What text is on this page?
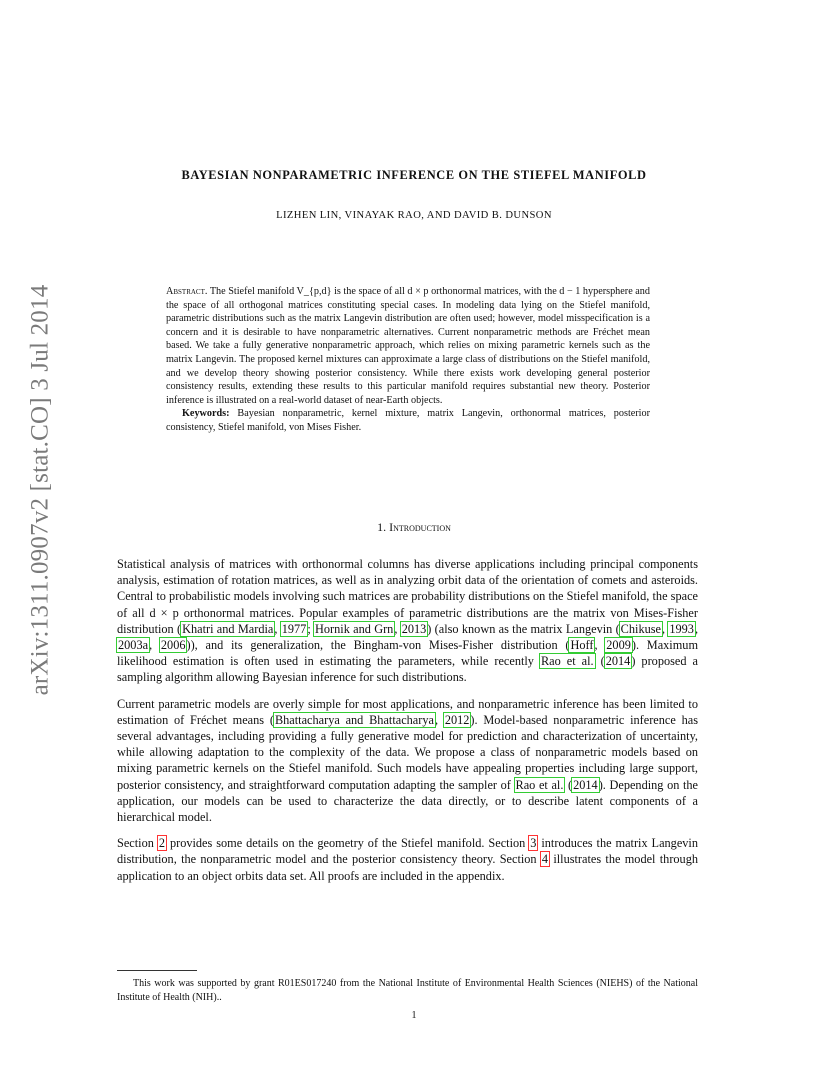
arXiv:1311.0907v2 [stat.CO] 3 Jul 2014
BAYESIAN NONPARAMETRIC INFERENCE ON THE STIEFEL MANIFOLD
LIZHEN LIN, VINAYAK RAO, AND DAVID B. DUNSON
Abstract. The Stiefel manifold V_{p,d} is the space of all d × p orthonormal matrices, with the d − 1 hypersphere and the space of all orthogonal matrices constituting special cases. In modeling data lying on the Stiefel manifold, parametric distributions such as the matrix Langevin distribution are often used; however, model misspecification is a concern and it is desirable to have nonparametric alternatives. Current nonparametric methods are Fréchet mean based. We take a fully generative nonparametric approach, which relies on mixing parametric kernels such as the matrix Langevin. The proposed kernel mixtures can approximate a large class of distributions on the Stiefel manifold, and we develop theory showing posterior consistency. While there exists work developing general posterior consistency results, extending these results to this particular manifold requires substantial new theory. Posterior inference is illustrated on a real-world dataset of near-Earth objects.
Keywords: Bayesian nonparametric, kernel mixture, matrix Langevin, orthonormal matrices, posterior consistency, Stiefel manifold, von Mises Fisher.
1. Introduction

Statistical analysis of matrices with orthonormal columns has diverse applications including principal components analysis, estimation of rotation matrices, as well as in analyzing orbit data of the orientation of comets and asteroids. Central to probabilistic models involving such matrices are probability distributions on the Stiefel manifold, the space of all d × p orthonormal matrices. Popular examples of parametric distributions are the matrix von Mises-Fisher distribution (Khatri and Mardia, 1977; Hornik and Grn, 2013) (also known as the matrix Langevin (Chikuse, 1993, 2003a, 2006)), and its generalization, the Bingham-von Mises-Fisher distribution (Hoff, 2009). Maximum likelihood estimation is often used in estimating the parameters, while recently Rao et al. (2014) proposed a sampling algorithm allowing Bayesian inference for such distributions.

Current parametric models are overly simple for most applications, and nonparametric inference has been limited to estimation of Fréchet means (Bhattacharya and Bhattacharya, 2012). Model-based nonparametric inference has several advantages, including providing a fully generative model for prediction and characterization of uncertainty, while allowing adaptation to the complexity of the data. We propose a class of nonparametric models based on mixing parametric kernels on the Stiefel manifold. Such models have appealing properties including large support, posterior consistency, and straightforward computation adapting the sampler of Rao et al. (2014). Depending on the application, our models can be used to characterize the data directly, or to describe latent components of a hierarchical model.

Section 2 provides some details on the geometry of the Stiefel manifold. Section 3 introduces the matrix Langevin distribution, the nonparametric model and the posterior consistency theory. Section 4 illustrates the model through application to an object orbits data set. All proofs are included in the appendix.

This work was supported by grant R01ES017240 from the National Institute of Environmental Health Sciences (NIEHS) of the National Institute of Health (NIH)..
1
